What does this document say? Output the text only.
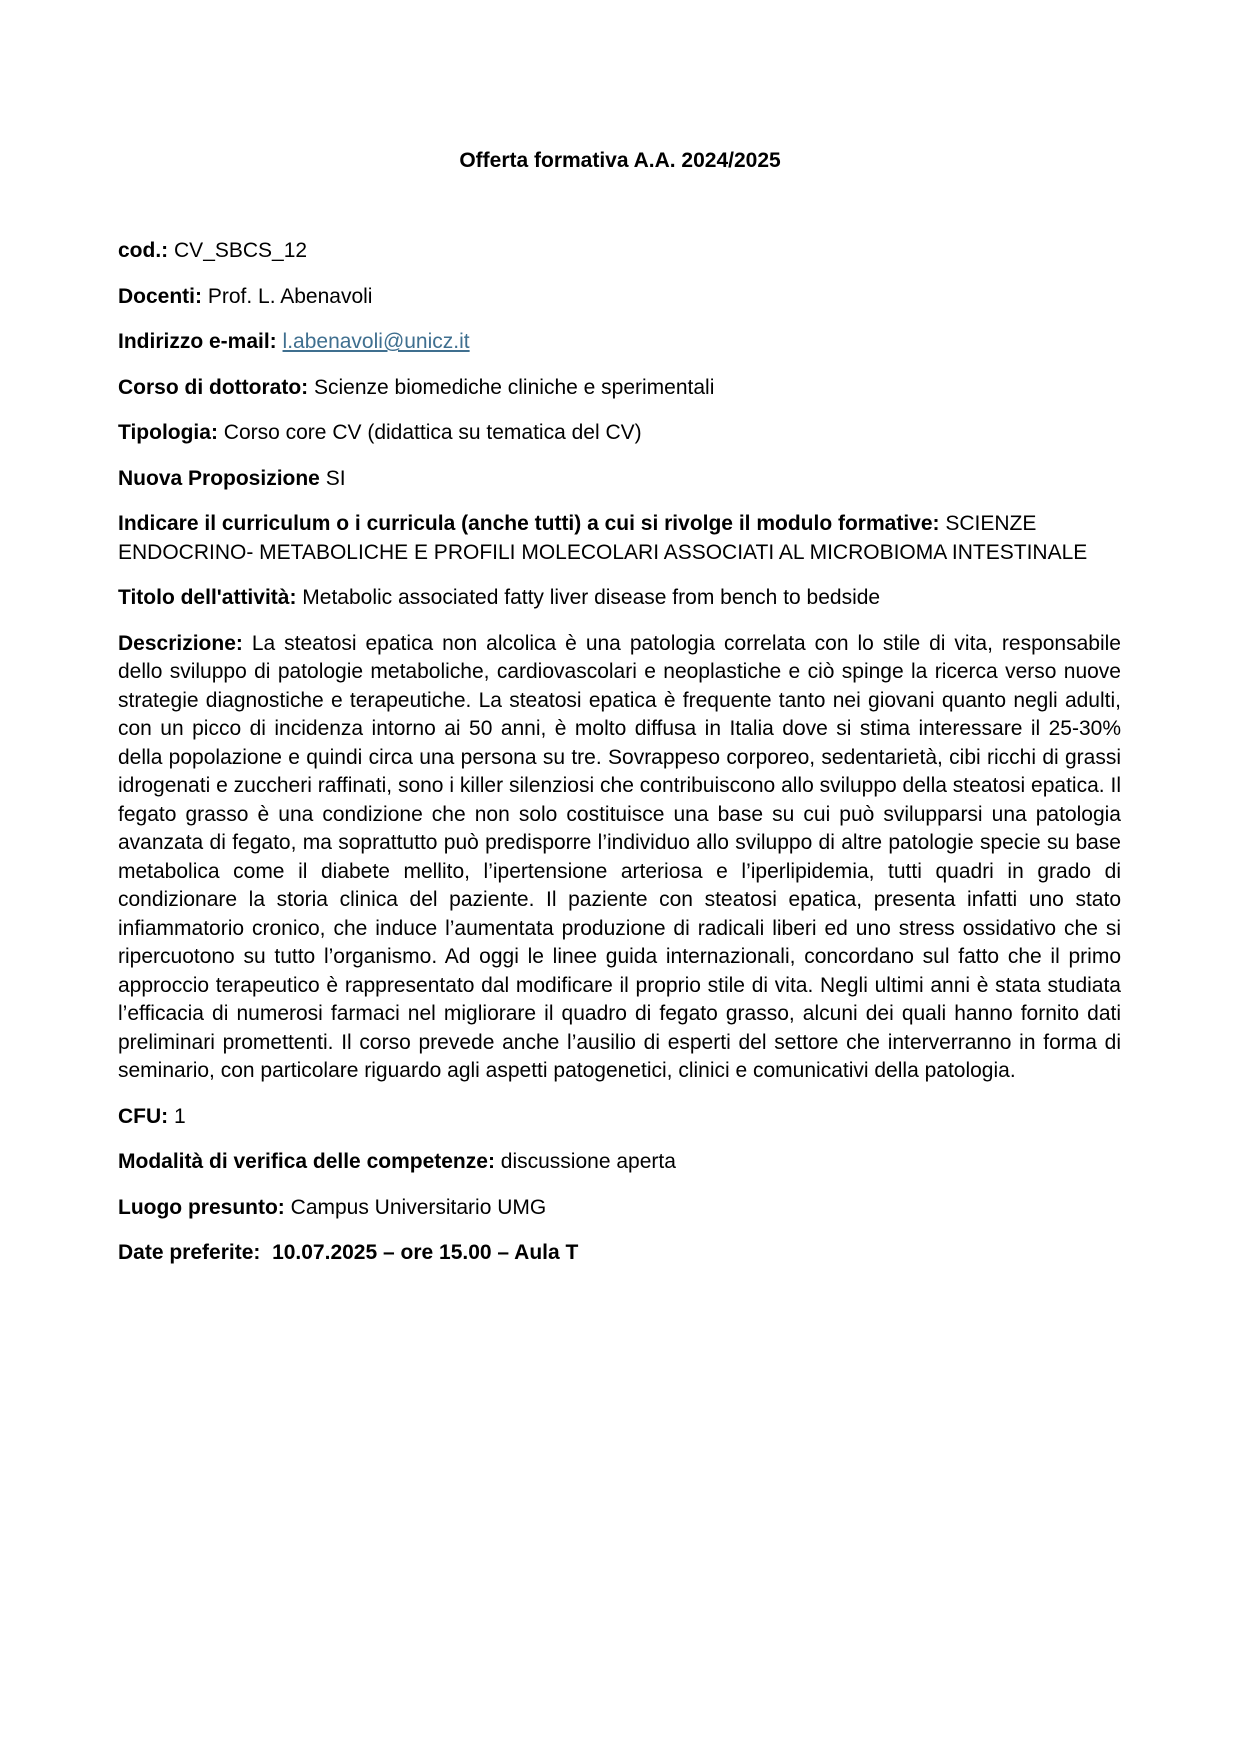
Offerta formativa A.A. 2024/2025
cod.: CV_SBCS_12
Docenti: Prof. L. Abenavoli
Indirizzo e-mail: l.abenavoli@unicz.it
Corso di dottorato: Scienze biomediche cliniche e sperimentali
Tipologia: Corso core CV (didattica su tematica del CV)
Nuova Proposizione SI
Indicare il curriculum o i curricula (anche tutti) a cui si rivolge il modulo formative: SCIENZE ENDOCRINO- METABOLICHE E PROFILI MOLECOLARI ASSOCIATI AL MICROBIOMA INTESTINALE
Titolo dell'attività: Metabolic associated fatty liver disease from bench to bedside
Descrizione: La steatosi epatica non alcolica è una patologia correlata con lo stile di vita, responsabile dello sviluppo di patologie metaboliche, cardiovascolari e neoplastiche e ciò spinge la ricerca verso nuove strategie diagnostiche e terapeutiche. La steatosi epatica è frequente tanto nei giovani quanto negli adulti, con un picco di incidenza intorno ai 50 anni, è molto diffusa in Italia dove si stima interessare il 25-30% della popolazione e quindi circa una persona su tre. Sovrappeso corporeo, sedentarietà, cibi ricchi di grassi idrogenati e zuccheri raffinati, sono i killer silenziosi che contribuiscono allo sviluppo della steatosi epatica. Il fegato grasso è una condizione che non solo costituisce una base su cui può svilupparsi una patologia avanzata di fegato, ma soprattutto può predisporre l’individuo allo sviluppo di altre patologie specie su base metabolica come il diabete mellito, l’ipertensione arteriosa e l’iperlipidemia, tutti quadri in grado di condizionare la storia clinica del paziente. Il paziente con steatosi epatica, presenta infatti uno stato infiammatorio cronico, che induce l’aumentata produzione di radicali liberi ed uno stress ossidativo che si ripercuotono su tutto l’organismo. Ad oggi le linee guida internazionali, concordano sul fatto che il primo approccio terapeutico è rappresentato dal modificare il proprio stile di vita. Negli ultimi anni è stata studiata l’efficacia di numerosi farmaci nel migliorare il quadro di fegato grasso, alcuni dei quali hanno fornito dati preliminari promettenti. Il corso prevede anche l’ausilio di esperti del settore che interverranno in forma di seminario, con particolare riguardo agli aspetti patogenetici, clinici e comunicativi della patologia.
CFU: 1
Modalità di verifica delle competenze: discussione aperta
Luogo presunto: Campus Universitario UMG
Date preferite: 10.07.2025 – ore 15.00 – Aula T
